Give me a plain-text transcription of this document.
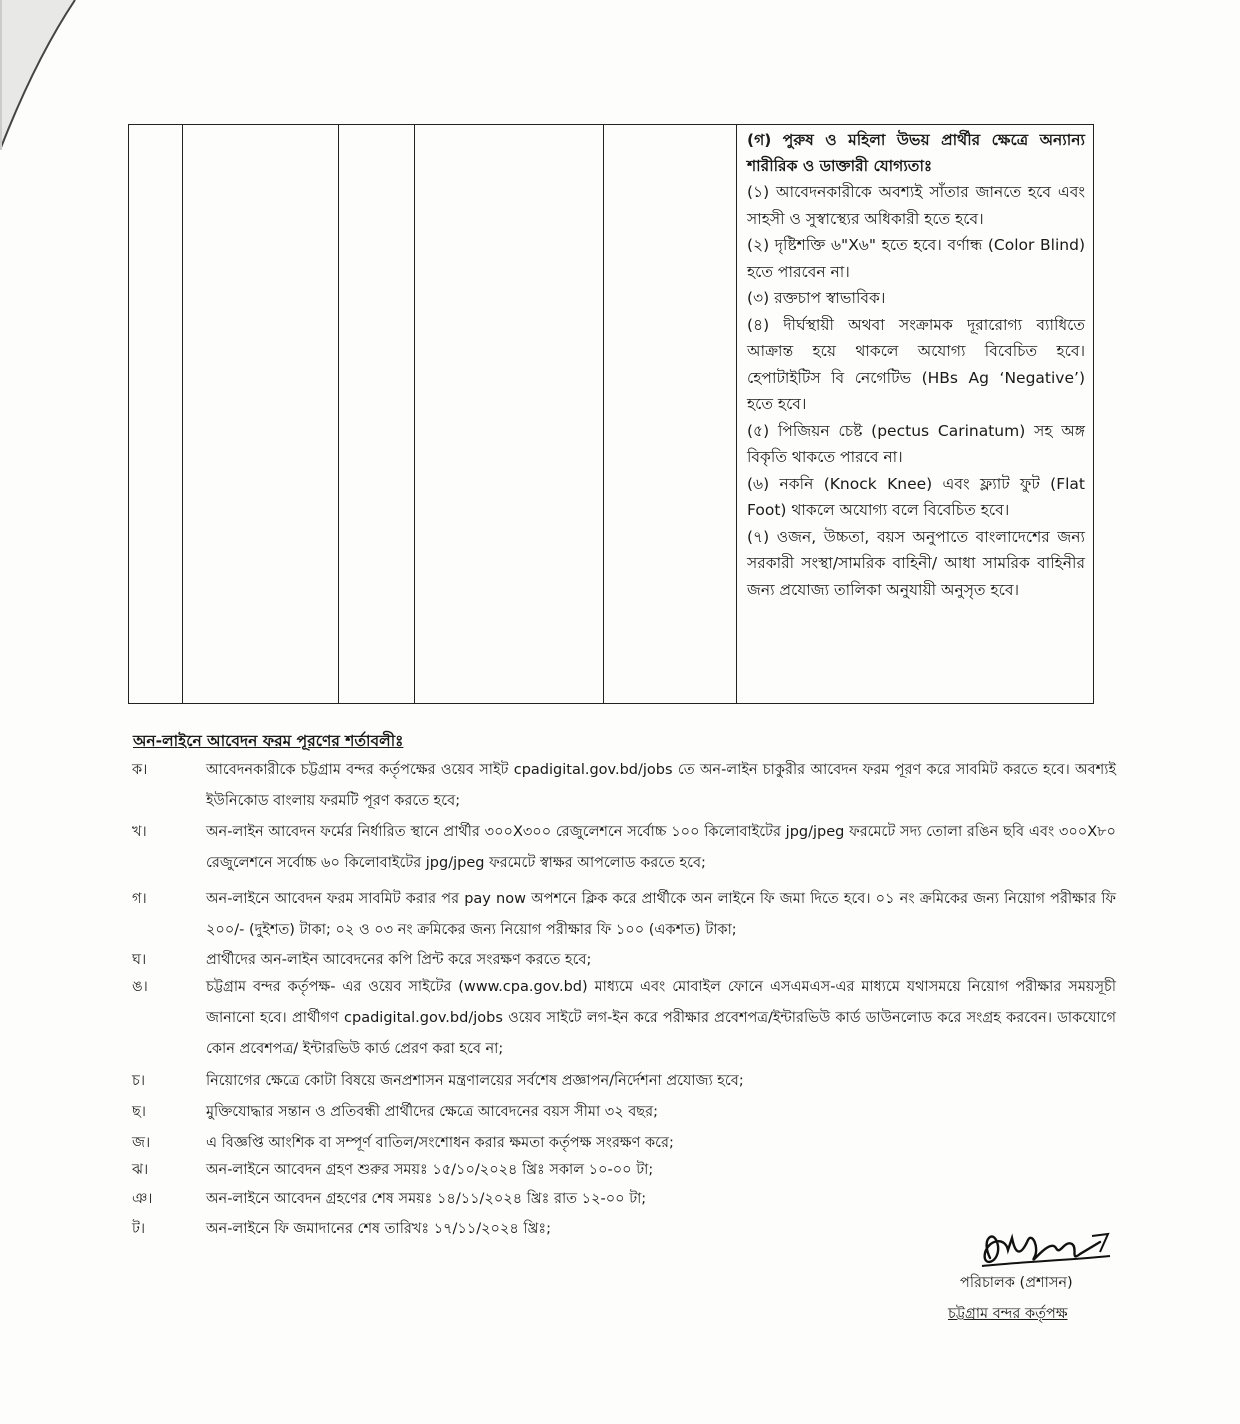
(গ) পুরুষ ও মহিলা উভয় প্রার্থীর ক্ষেত্রে অন্যান্য শারীরিক ও ডাক্তারী যোগ্যতাঃ

(১) আবেদনকারীকে অবশ্যই সাঁতার জানতে হবে এবং সাহসী ও সুস্বাস্থ্যের অধিকারী হতে হবে।

(২) দৃষ্টিশক্তি ৬"X৬" হতে হবে। বর্ণান্ধ (Color Blind) হতে পারবেন না।

(৩) রক্তচাপ স্বাভাবিক।

(৪) দীর্ঘস্থায়ী অথবা সংক্রামক দূরারোগ্য ব্যাধিতে আক্রান্ত হয়ে থাকলে অযোগ্য বিবেচিত হবে। হেপাটাইটিস বি নেগেটিভ (HBs Ag ‘Negative’) হতে হবে।

(৫) পিজিয়ন চেষ্ট (pectus Carinatum) সহ অঙ্গ বিকৃতি থাকতে পারবে না।

(৬) নকনি (Knock Knee) এবং ফ্ল্যাট ফুট (Flat Foot) থাকলে অযোগ্য বলে বিবেচিত হবে।

(৭) ওজন, উচ্চতা, বয়স অনুপাতে বাংলাদেশের জন্য সরকারী সংস্থা/সামরিক বাহিনী/ আধা সামরিক বাহিনীর জন্য প্রযোজ্য তালিকা অনুযায়ী অনুসৃত হবে।

অন-লাইনে আবেদন ফরম পূরণের শর্তাবলীঃ

ক।	আবেদনকারীকে চট্টগ্রাম বন্দর কর্তৃপক্ষের ওয়েব সাইট cpadigital.gov.bd/jobs তে অন-লাইন চাকুরীর আবেদন ফরম পূরণ করে সাবমিট করতে হবে। অবশ্যই ইউনিকোড বাংলায় ফরমটি পূরণ করতে হবে;
খ।	অন-লাইন আবেদন ফর্মের নির্ধারিত স্থানে প্রার্থীর ৩০০X৩০০ রেজুলেশনে সর্বোচ্চ ১০০ কিলোবাইটের jpg/jpeg ফরমেটে সদ্য তোলা রঙিন ছবি এবং ৩০০X৮০ রেজুলেশনে সর্বোচ্চ ৬০ কিলোবাইটের jpg/jpeg ফরমেটে স্বাক্ষর আপলোড করতে হবে;
গ।	অন-লাইনে আবেদন ফরম সাবমিট করার পর pay now অপশনে ক্লিক করে প্রার্থীকে অন লাইনে ফি জমা দিতে হবে। ০১ নং ক্রমিকের জন্য নিয়োগ পরীক্ষার ফি ২০০/- (দুইশত) টাকা; ০২ ও ০৩ নং ক্রমিকের জন্য নিয়োগ পরীক্ষার ফি ১০০ (একশত) টাকা;
ঘ।	প্রার্থীদের অন-লাইন আবেদনের কপি প্রিন্ট করে সংরক্ষণ করতে হবে;
ঙ।	চট্টগ্রাম বন্দর কর্তৃপক্ষ- এর ওয়েব সাইটের (www.cpa.gov.bd) মাধ্যমে এবং মোবাইল ফোনে এসএমএস-এর মাধ্যমে যথাসময়ে নিয়োগ পরীক্ষার সময়সূচী জানানো হবে। প্রার্থীগণ cpadigital.gov.bd/jobs ওয়েব সাইটে লগ-ইন করে পরীক্ষার প্রবেশপত্র/ইন্টারভিউ কার্ড ডাউনলোড করে সংগ্রহ করবেন। ডাকযোগে কোন প্রবেশপত্র/ ইন্টারভিউ কার্ড প্রেরণ করা হবে না;
চ।	নিয়োগের ক্ষেত্রে কোটা বিষয়ে জনপ্রশাসন মন্ত্রণালয়ের সর্বশেষ প্রজ্ঞাপন/নির্দেশনা প্রযোজ্য হবে;
ছ।	মুক্তিযোদ্ধার সন্তান ও প্রতিবন্ধী প্রার্থীদের ক্ষেত্রে আবেদনের বয়স সীমা ৩২ বছর;
জ।	এ বিজ্ঞপ্তি আংশিক বা সম্পূর্ণ বাতিল/সংশোধন করার ক্ষমতা কর্তৃপক্ষ সংরক্ষণ করে;
ঝ।	অন-লাইনে আবেদন গ্রহণ শুরুর সময়ঃ ১৫/১০/২০২৪ খ্রিঃ সকাল ১০-০০ টা;
ঞ।	অন-লাইনে আবেদন গ্রহণের শেষ সময়ঃ ১৪/১১/২০২৪ খ্রিঃ রাত ১২-০০ টা;
ট।	অন-লাইনে ফি জমাদানের শেষ তারিখঃ ১৭/১১/২০২৪ খ্রিঃ;

পরিচালক (প্রশাসন)

চট্টগ্রাম বন্দর কর্তৃপক্ষ
